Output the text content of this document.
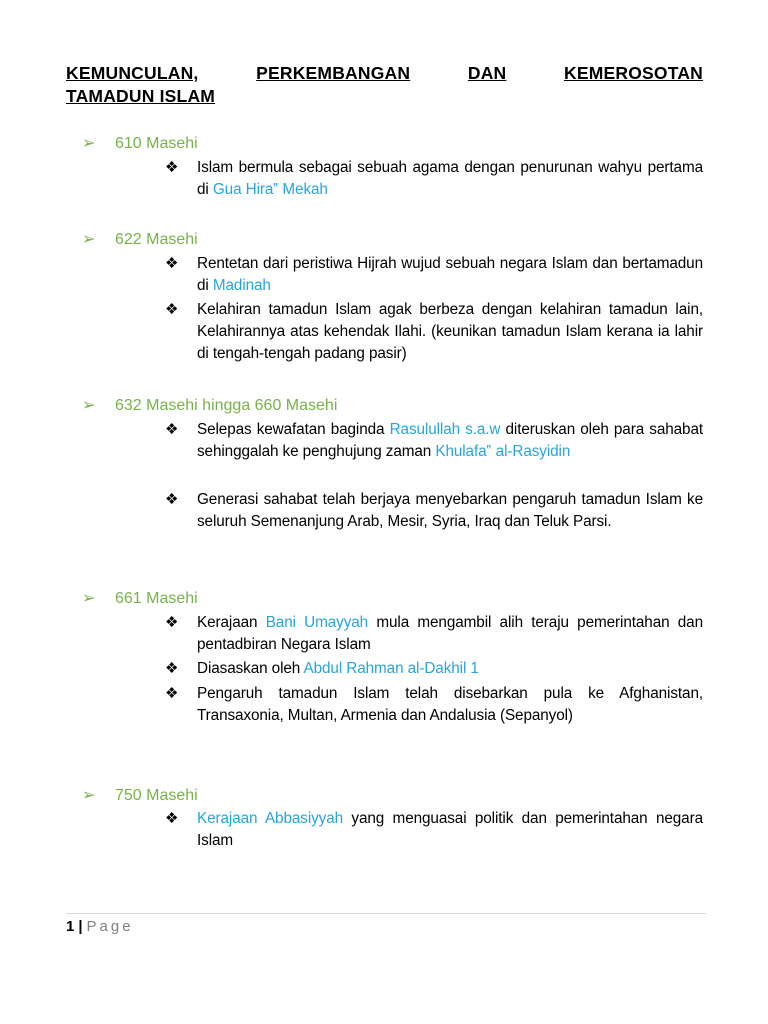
KEMUNCULAN,	PERKEMBANGAN	DAN	KEMEROSOTAN
TAMADUN ISLAM
➢ 610 Masehi
❖ Islam bermula sebagai sebuah agama dengan penurunan wahyu pertama di Gua Hira‟ Mekah
➢ 622 Masehi
❖ Rentetan dari peristiwa Hijrah wujud sebuah negara Islam dan bertamadun di Madinah
❖ Kelahiran tamadun Islam agak berbeza dengan kelahiran tamadun lain, Kelahirannya atas kehendak Ilahi. (keunikan tamadun Islam kerana ia lahir di tengah-tengah padang pasir)
➢ 632 Masehi hingga 660 Masehi
❖ Selepas kewafatan baginda Rasulullah s.a.w diteruskan oleh para sahabat sehinggalah ke penghujung zaman Khulafa‟ al-Rasyidin
❖ Generasi sahabat telah berjaya menyebarkan pengaruh tamadun Islam ke seluruh Semenanjung Arab, Mesir, Syria, Iraq dan Teluk Parsi.
➢ 661 Masehi
❖ Kerajaan Bani Umayyah mula mengambil alih teraju pemerintahan dan pentadbiran Negara Islam
❖ Diasaskan oleh Abdul Rahman al-Dakhil 1
❖ Pengaruh tamadun Islam telah disebarkan pula ke Afghanistan, Transaxonia, Multan, Armenia dan Andalusia (Sepanyol)
➢ 750 Masehi
❖ Kerajaan Abbasiyyah yang menguasai politik dan pemerintahan negara Islam
1 | Page
